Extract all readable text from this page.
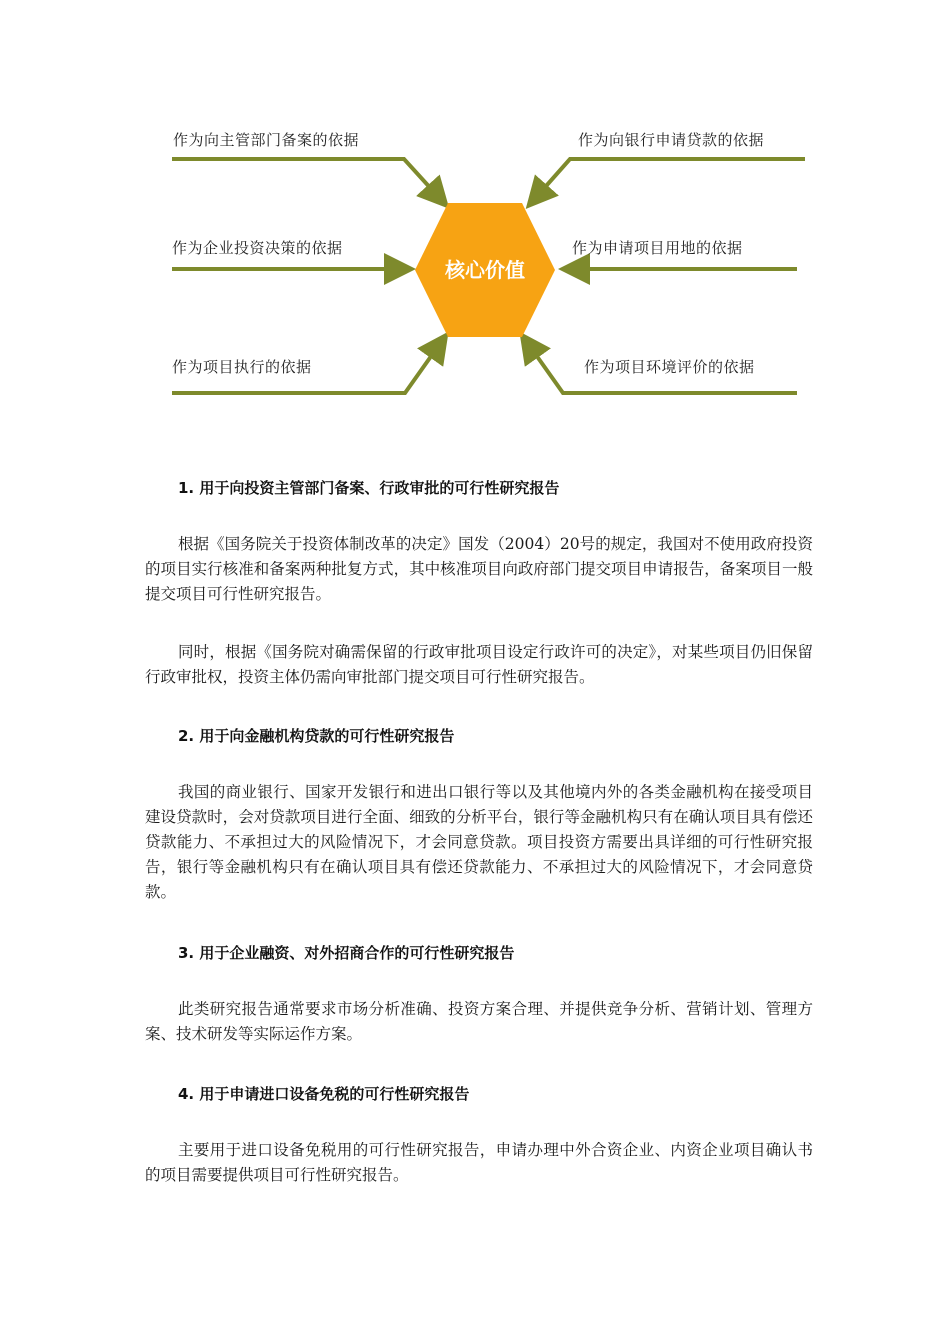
核心价值
作为向主管部门备案的依据	作为向银行申请贷款的依据
作为企业投资决策的依据	作为申请项目用地的依据
作为项目执行的依据	作为项目环境评价的依据
1. 用于向投资主管部门备案、行政审批的可行性研究报告

根据《国务院关于投资体制改革的决定》国发（2004）20号的规定，我国对不使用政府投资的项目实行核准和备案两种批复方式，其中核准项目向政府部门提交项目申请报告，备案项目一般提交项目可行性研究报告。

同时，根据《国务院对确需保留的行政审批项目设定行政许可的决定》，对某些项目仍旧保留行政审批权，投资主体仍需向审批部门提交项目可行性研究报告。

2. 用于向金融机构贷款的可行性研究报告

我国的商业银行、国家开发银行和进出口银行等以及其他境内外的各类金融机构在接受项目建设贷款时，会对贷款项目进行全面、细致的分析平台，银行等金融机构只有在确认项目具有偿还贷款能力、不承担过大的风险情况下，才会同意贷款。项目投资方需要出具详细的可行性研究报告，银行等金融机构只有在确认项目具有偿还贷款能力、不承担过大的风险情况下，才会同意贷款。

3. 用于企业融资、对外招商合作的可行性研究报告

此类研究报告通常要求市场分析准确、投资方案合理、并提供竞争分析、营销计划、管理方案、技术研发等实际运作方案。

4. 用于申请进口设备免税的可行性研究报告

主要用于进口设备免税用的可行性研究报告，申请办理中外合资企业、内资企业项目确认书的项目需要提供项目可行性研究报告。
